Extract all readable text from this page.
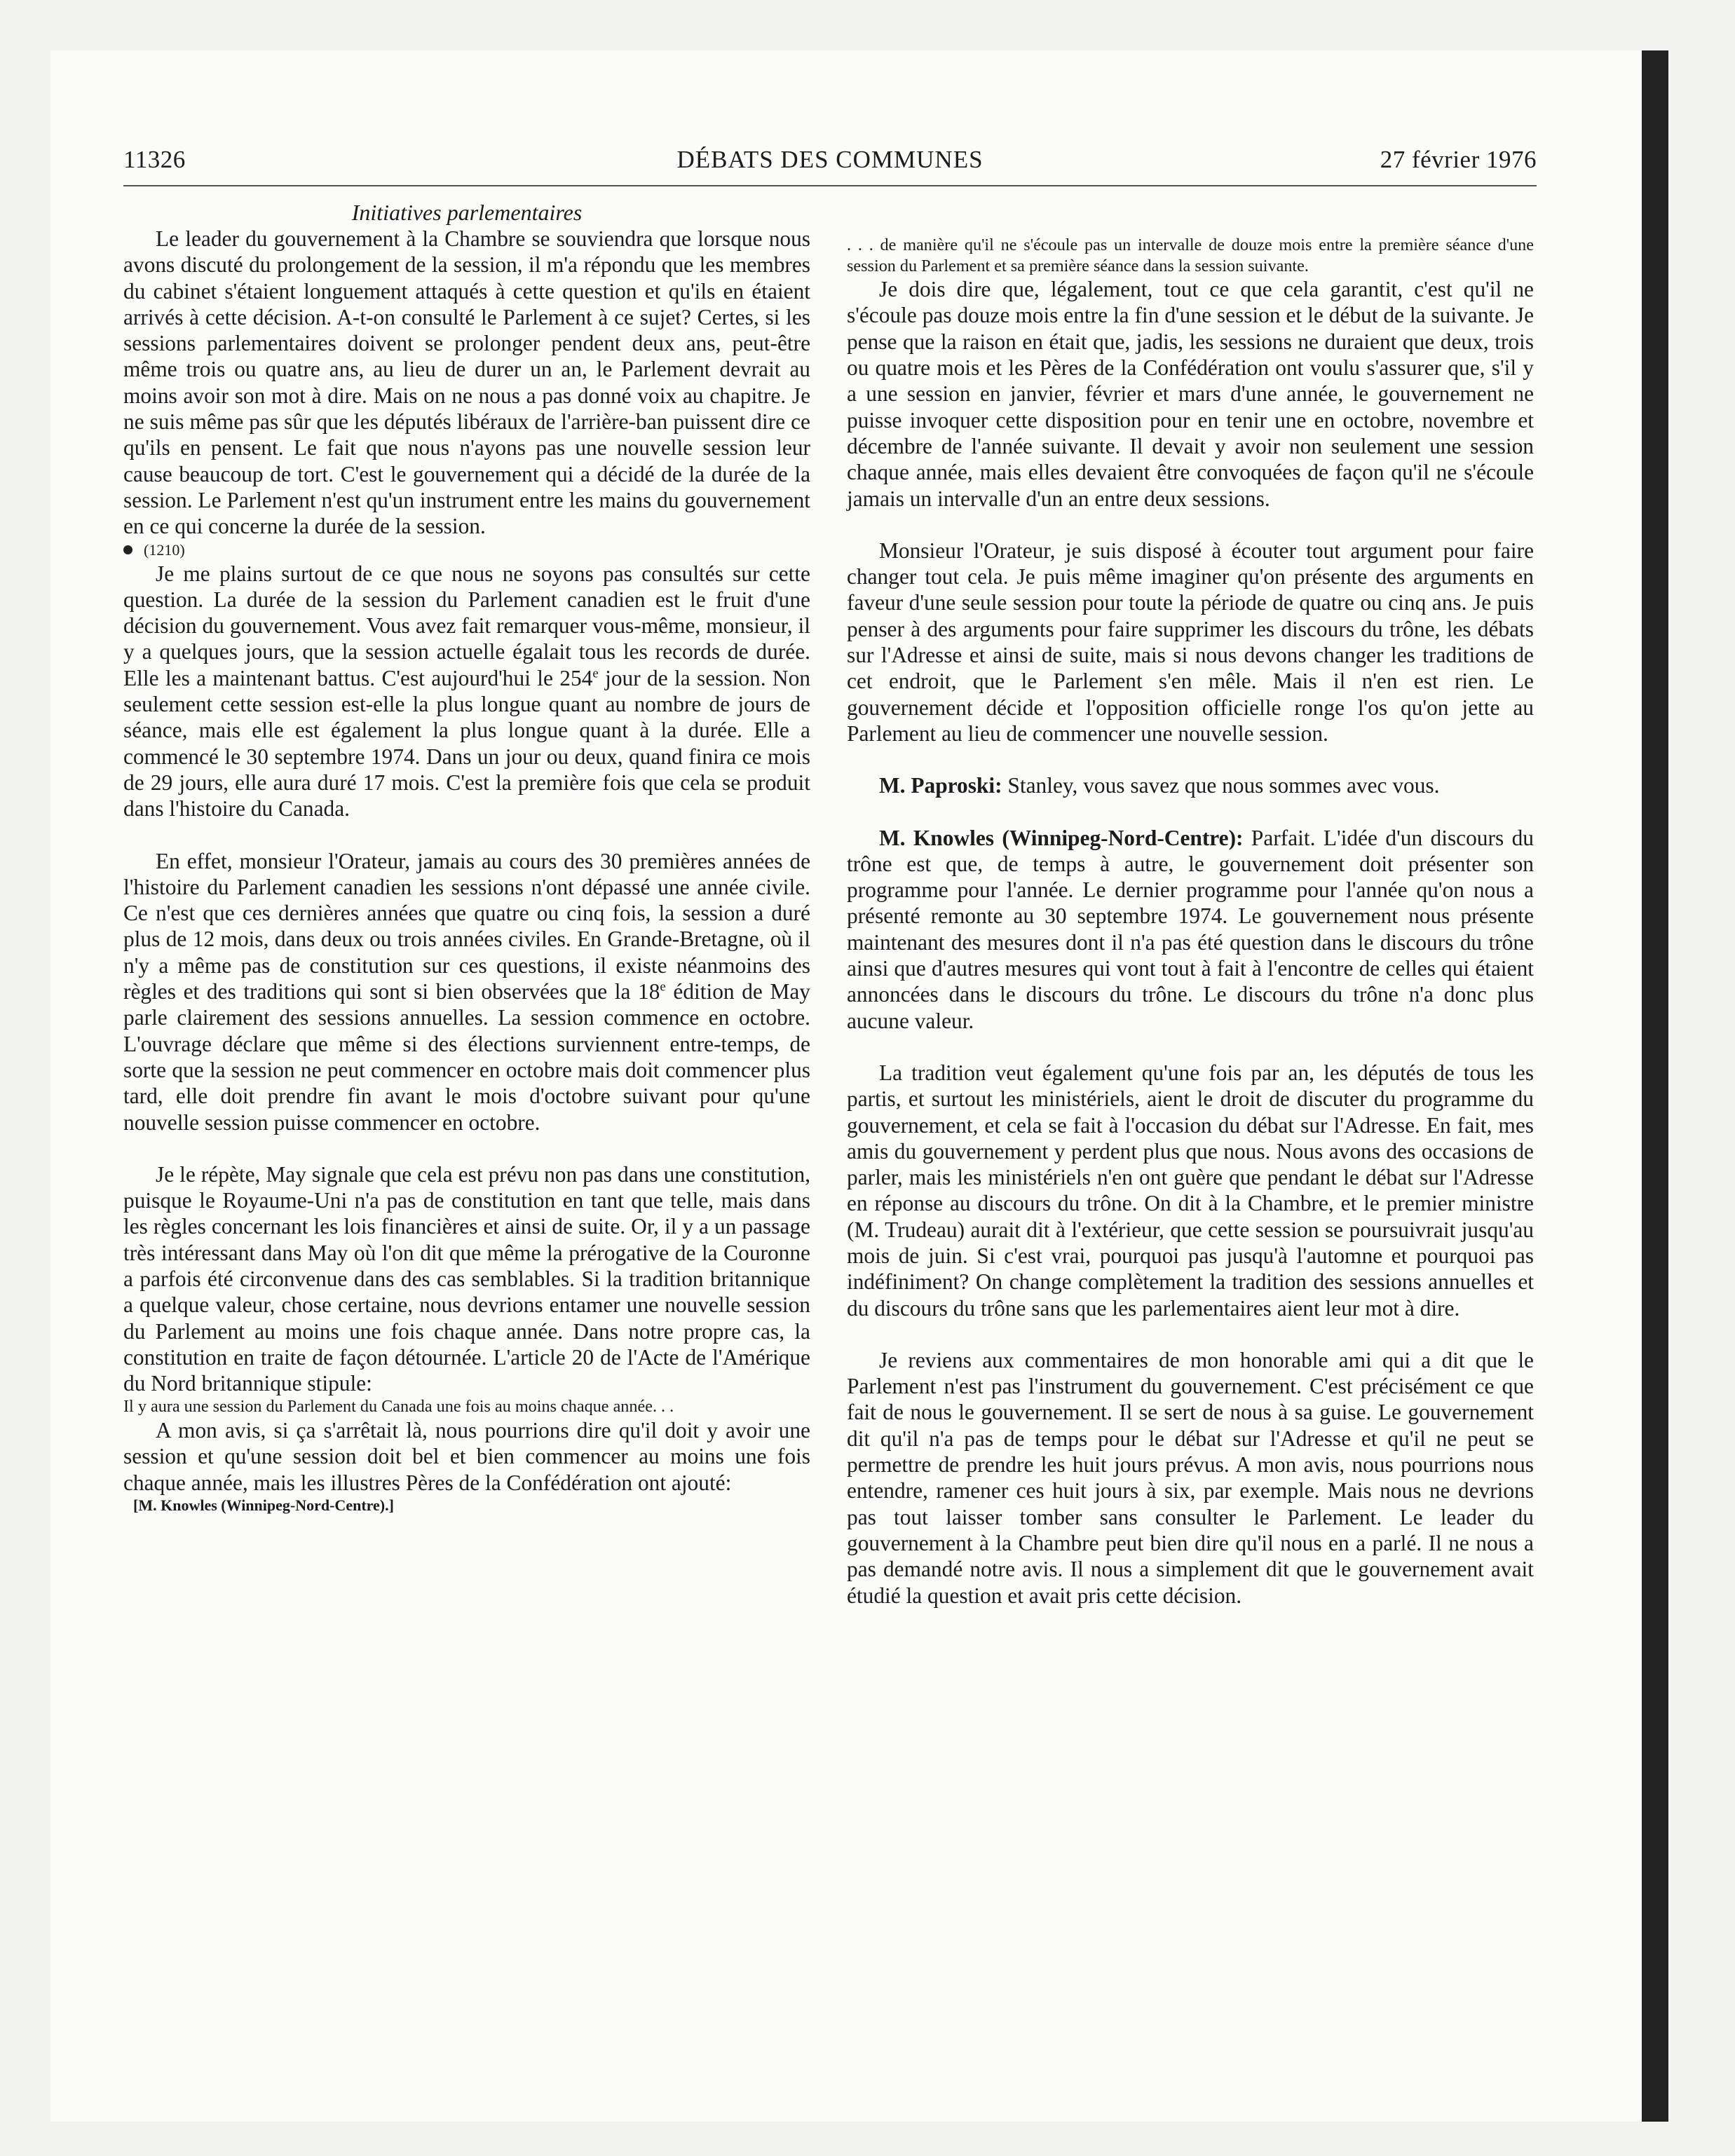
DÉBATS DES COMMUNES
11326	27 février 1976

Initiatives parlementaires

Le leader du gouvernement à la Chambre se souviendra que lorsque nous avons discuté du prolongement de la session, il m'a répondu que les membres du cabinet s'étaient longuement attaqués à cette question et qu'ils en étaient arrivés à cette décision. A-t-on consulté le Parlement à ce sujet? Certes, si les sessions parlementaires doivent se prolonger pendent deux ans, peut-être même trois ou quatre ans, au lieu de durer un an, le Parlement devrait au moins avoir son mot à dire. Mais on ne nous a pas donné voix au chapitre. Je ne suis même pas sûr que les députés libéraux de l'arrière-ban puissent dire ce qu'ils en pensent. Le fait que nous n'ayons pas une nouvelle session leur cause beaucoup de tort. C'est le gouvernement qui a décidé de la durée de la session. Le Parlement n'est qu'un instrument entre les mains du gouvernement en ce qui concerne la durée de la session.

(1210)

Je me plains surtout de ce que nous ne soyons pas consultés sur cette question. La durée de la session du Parlement canadien est le fruit d'une décision du gouvernement. Vous avez fait remarquer vous-même, monsieur, il y a quelques jours, que la session actuelle égalait tous les records de durée. Elle les a maintenant battus. C'est aujourd'hui le 254e jour de la session. Non seulement cette session est-elle la plus longue quant au nombre de jours de séance, mais elle est également la plus longue quant à la durée. Elle a commencé le 30 septembre 1974. Dans un jour ou deux, quand finira ce mois de 29 jours, elle aura duré 17 mois. C'est la première fois que cela se produit dans l'histoire du Canada.

En effet, monsieur l'Orateur, jamais au cours des 30 premières années de l'histoire du Parlement canadien les sessions n'ont dépassé une année civile. Ce n'est que ces dernières années que quatre ou cinq fois, la session a duré plus de 12 mois, dans deux ou trois années civiles. En Grande-Bretagne, où il n'y a même pas de constitution sur ces questions, il existe néanmoins des règles et des traditions qui sont si bien observées que la 18e édition de May parle clairement des sessions annuelles. La session commence en octobre. L'ouvrage déclare que même si des élections surviennent entre-temps, de sorte que la session ne peut commencer en octobre mais doit commencer plus tard, elle doit prendre fin avant le mois d'octobre suivant pour qu'une nouvelle session puisse commencer en octobre.

Je le répète, May signale que cela est prévu non pas dans une constitution, puisque le Royaume-Uni n'a pas de constitution en tant que telle, mais dans les règles concernant les lois financières et ainsi de suite. Or, il y a un passage très intéressant dans May où l'on dit que même la prérogative de la Couronne a parfois été circonvenue dans des cas semblables. Si la tradition britannique a quelque valeur, chose certaine, nous devrions entamer une nouvelle session du Parlement au moins une fois chaque année. Dans notre propre cas, la constitution en traite de façon détournée. L'article 20 de l'Acte de l'Amérique du Nord britannique stipule:

Il y aura une session du Parlement du Canada une fois au moins chaque année. . .

A mon avis, si ça s'arrêtait là, nous pourrions dire qu'il doit y avoir une session et qu'une session doit bel et bien commencer au moins une fois chaque année, mais les illustres Pères de la Confédération ont ajouté:

[M. Knowles (Winnipeg-Nord-Centre).]

. . . de manière qu'il ne s'écoule pas un intervalle de douze mois entre la première séance d'une session du Parlement et sa première séance dans la session suivante.

Je dois dire que, légalement, tout ce que cela garantit, c'est qu'il ne s'écoule pas douze mois entre la fin d'une session et le début de la suivante. Je pense que la raison en était que, jadis, les sessions ne duraient que deux, trois ou quatre mois et les Pères de la Confédération ont voulu s'assurer que, s'il y a une session en janvier, février et mars d'une année, le gouvernement ne puisse invoquer cette disposition pour en tenir une en octobre, novembre et décembre de l'année suivante. Il devait y avoir non seulement une session chaque année, mais elles devaient être convoquées de façon qu'il ne s'écoule jamais un intervalle d'un an entre deux sessions.

Monsieur l'Orateur, je suis disposé à écouter tout argument pour faire changer tout cela. Je puis même imaginer qu'on présente des arguments en faveur d'une seule session pour toute la période de quatre ou cinq ans. Je puis penser à des arguments pour faire supprimer les discours du trône, les débats sur l'Adresse et ainsi de suite, mais si nous devons changer les traditions de cet endroit, que le Parlement s'en mêle. Mais il n'en est rien. Le gouvernement décide et l'opposition officielle ronge l'os qu'on jette au Parlement au lieu de commencer une nouvelle session.

M. Paproski: Stanley, vous savez que nous sommes avec vous.

M. Knowles (Winnipeg-Nord-Centre): Parfait. L'idée d'un discours du trône est que, de temps à autre, le gouvernement doit présenter son programme pour l'année. Le dernier programme pour l'année qu'on nous a présenté remonte au 30 septembre 1974. Le gouvernement nous présente maintenant des mesures dont il n'a pas été question dans le discours du trône ainsi que d'autres mesures qui vont tout à fait à l'encontre de celles qui étaient annoncées dans le discours du trône. Le discours du trône n'a donc plus aucune valeur.

La tradition veut également qu'une fois par an, les députés de tous les partis, et surtout les ministériels, aient le droit de discuter du programme du gouvernement, et cela se fait à l'occasion du débat sur l'Adresse. En fait, mes amis du gouvernement y perdent plus que nous. Nous avons des occasions de parler, mais les ministériels n'en ont guère que pendant le débat sur l'Adresse en réponse au discours du trône. On dit à la Chambre, et le premier ministre (M. Trudeau) aurait dit à l'extérieur, que cette session se poursuivrait jusqu'au mois de juin. Si c'est vrai, pourquoi pas jusqu'à l'automne et pourquoi pas indéfiniment? On change complètement la tradition des sessions annuelles et du discours du trône sans que les parlementaires aient leur mot à dire.

Je reviens aux commentaires de mon honorable ami qui a dit que le Parlement n'est pas l'instrument du gouvernement. C'est précisément ce que fait de nous le gouvernement. Il se sert de nous à sa guise. Le gouvernement dit qu'il n'a pas de temps pour le débat sur l'Adresse et qu'il ne peut se permettre de prendre les huit jours prévus. A mon avis, nous pourrions nous entendre, ramener ces huit jours à six, par exemple. Mais nous ne devrions pas tout laisser tomber sans consulter le Parlement. Le leader du gouvernement à la Chambre peut bien dire qu'il nous en a parlé. Il ne nous a pas demandé notre avis. Il nous a simplement dit que le gouvernement avait étudié la question et avait pris cette décision.
